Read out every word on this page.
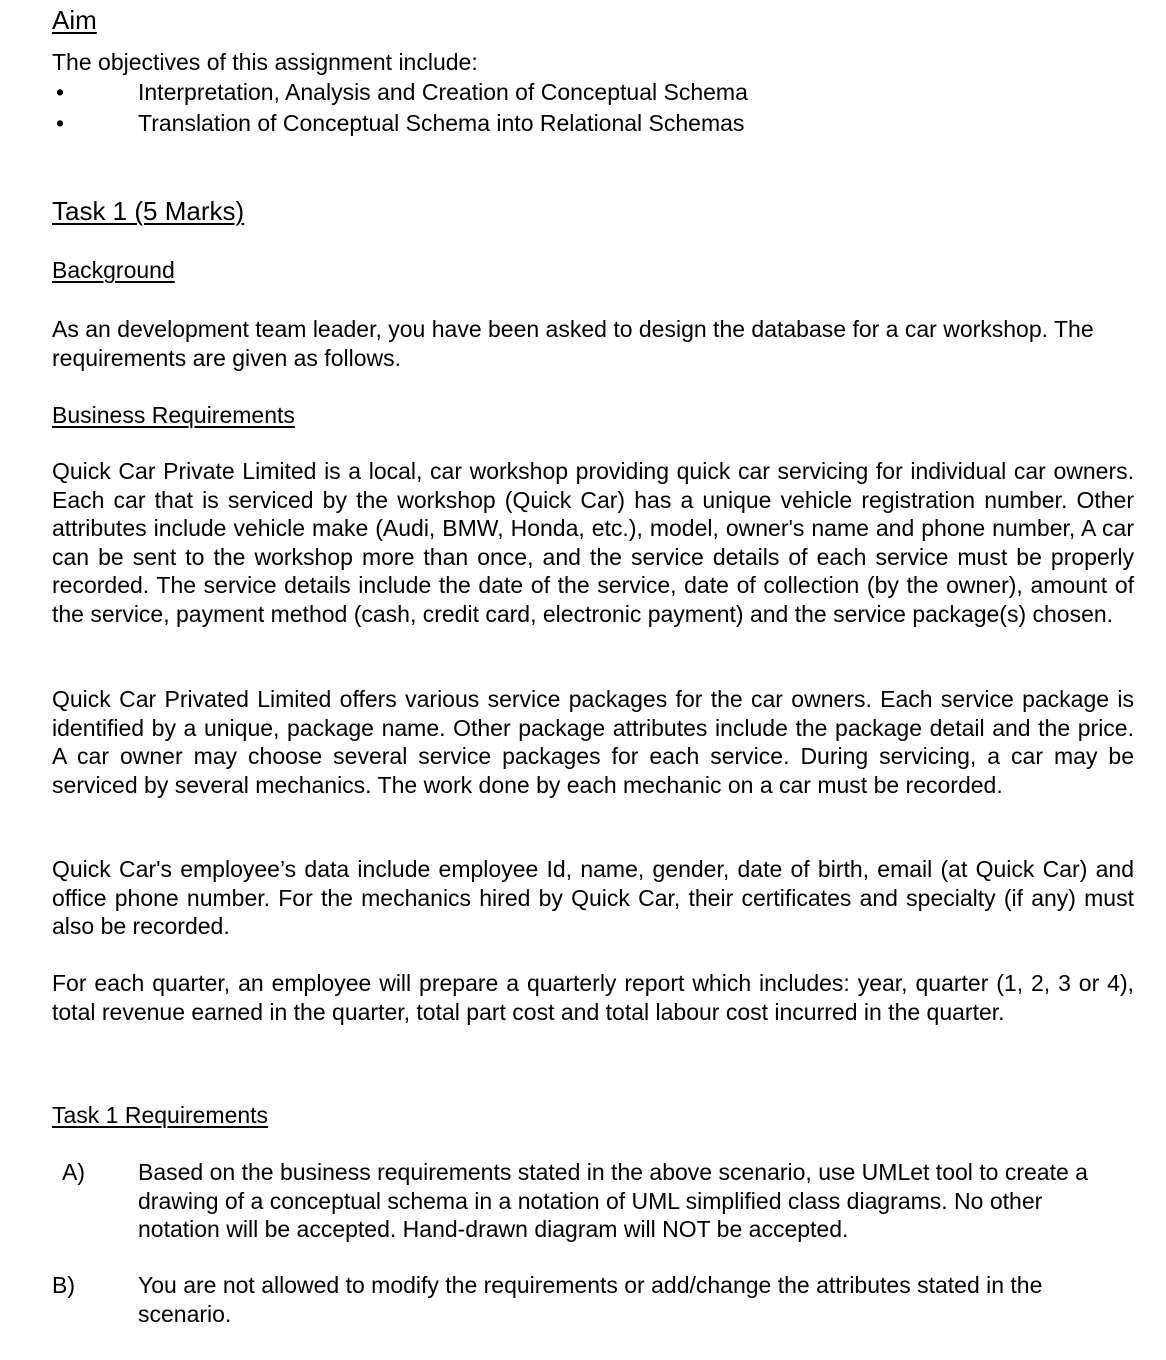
Aim
The objectives of this assignment include:
•	Interpretation, Analysis and Creation of Conceptual Schema
•	Translation of Conceptual Schema into Relational Schemas
Task 1 (5 Marks)
Background
As an development team leader, you have been asked to design the database for a car workshop. The requirements are given as follows.
Business Requirements
Quick Car Private Limited is a local, car workshop providing quick car servicing for individual car owners. Each car that is serviced by the workshop (Quick Car) has a unique vehicle registration number. Other attributes include vehicle make (Audi, BMW, Honda, etc.), model, owner's name and phone number, A car can be sent to the workshop more than once, and the service details of each service must be properly recorded. The service details include the date of the service, date of collection (by the owner), amount of the service, payment method (cash, credit card, electronic payment) and the service package(s) chosen.
Quick Car Privated Limited offers various service packages for the car owners. Each service package is identified by a unique, package name. Other package attributes include the package detail and the price. A car owner may choose several service packages for each service. During servicing, a car may be serviced by several mechanics. The work done by each mechanic on a car must be recorded.
Quick Car's employee’s data include employee Id, name, gender, date of birth, email (at Quick Car) and office phone number. For the mechanics hired by Quick Car, their certificates and specialty (if any) must also be recorded.
For each quarter, an employee will prepare a quarterly report which includes: year, quarter (1, 2, 3 or 4), total revenue earned in the quarter, total part cost and total labour cost incurred in the quarter.
Task 1 Requirements
A) Based on the business requirements stated in the above scenario, use UMLet tool to create a drawing of a conceptual schema in a notation of UML simplified class diagrams. No other notation will be accepted. Hand-drawn diagram will NOT be accepted.
B)	You are not allowed to modify the requirements or add/change the attributes stated in the scenario.
